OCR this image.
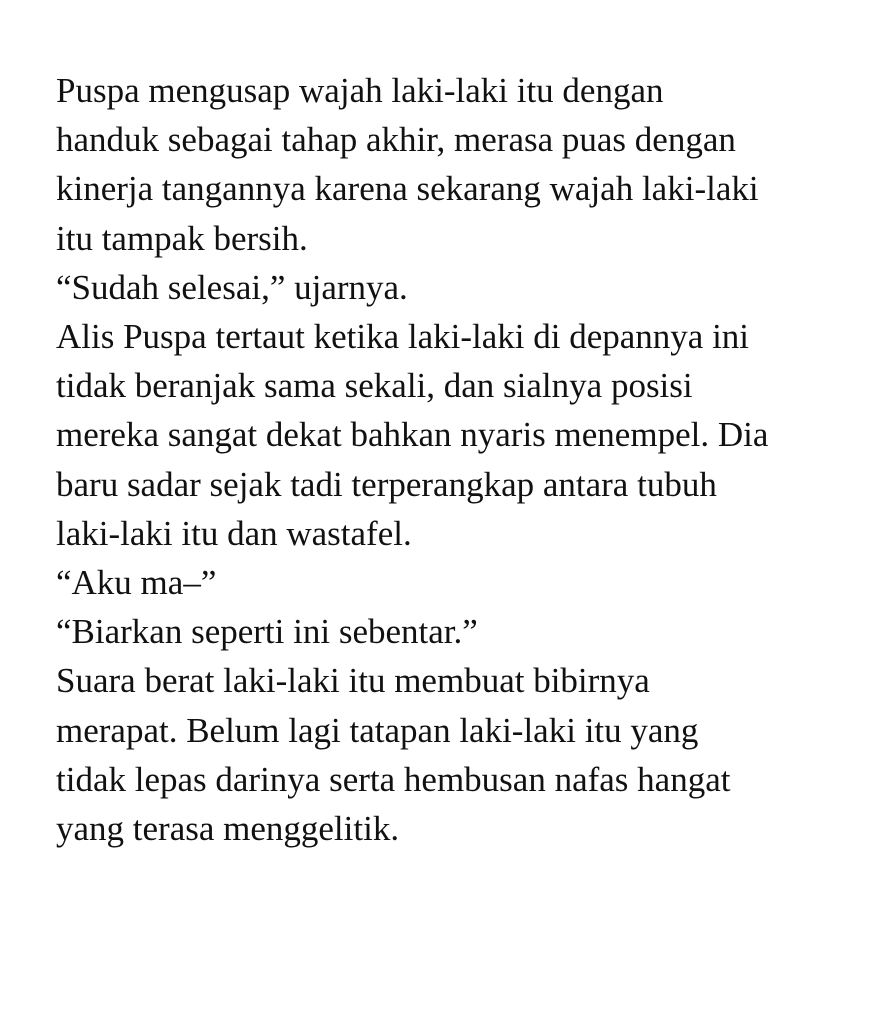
Puspa mengusap wajah laki-laki itu dengan
handuk sebagai tahap akhir, merasa puas dengan
kinerja tangannya karena sekarang wajah laki-laki
itu tampak bersih.

“Sudah selesai,” ujarnya.

Alis Puspa tertaut ketika laki-laki di depannya ini
tidak beranjak sama sekali, dan sialnya posisi
mereka sangat dekat bahkan nyaris menempel. Dia
baru sadar sejak tadi terperangkap antara tubuh
laki-laki itu dan wastafel.

“Aku ma–”

“Biarkan seperti ini sebentar.”

Suara berat laki-laki itu membuat bibirnya
merapat. Belum lagi tatapan laki-laki itu yang
tidak lepas darinya serta hembusan nafas hangat
yang terasa menggelitik.
